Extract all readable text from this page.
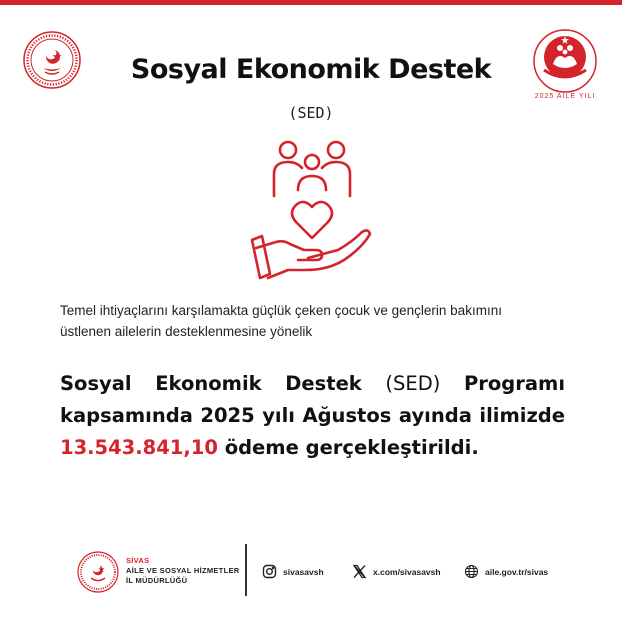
Sosyal Ekonomik Destek
(SED)
2025 AİLE YILI
Temel ihtiyaçlarını karşılamakta güçlük çeken çocuk ve gençlerin bakımını
üstlenen ailelerin desteklenmesine yönelik
Sosyal Ekonomik Destek (SED) Programı kapsamında 2025 yılı Ağustos ayında ilimizde 13.543.841,10 ödeme gerçekleştirildi.
SİVAS
AİLE VE SOSYAL HİZMETLER
İL MÜDÜRLÜĞÜ
sivasavsh	x.com/sivasavsh	aile.gov.tr/sivas
